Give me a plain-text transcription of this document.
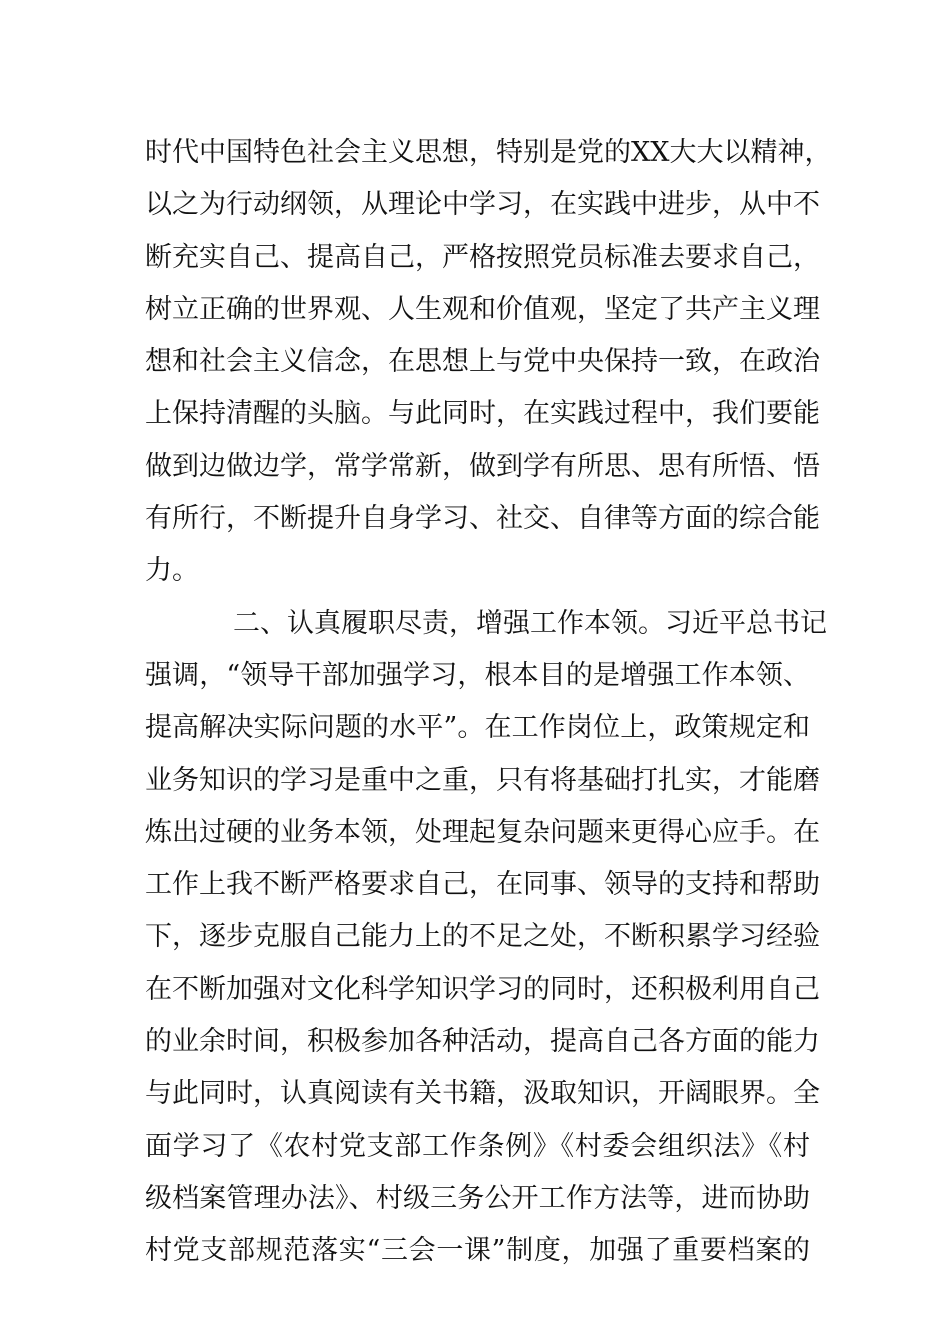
时代中国特色社会主义思想，特别是党的XX大大以精神，
以之为行动纲领，从理论中学习，在实践中进步，从中不
断充实自己、提高自己，严格按照党员标准去要求自己，
树立正确的世界观、人生观和价值观，坚定了共产主义理
想和社会主义信念，在思想上与党中央保持一致，在政治
上保持清醒的头脑。与此同时，在实践过程中，我们要能
做到边做边学，常学常新，做到学有所思、思有所悟、悟
有所行，不断提升自身学习、社交、自律等方面的综合能
力。
二、认真履职尽责，增强工作本领。习近平总书记
强调，“领导干部加强学习，根本目的是增强工作本领、
提高解决实际问题的水平”。在工作岗位上，政策规定和
业务知识的学习是重中之重，只有将基础打扎实，才能磨
炼出过硬的业务本领，处理起复杂问题来更得心应手。在
工作上我不断严格要求自己，在同事、领导的支持和帮助
下，逐步克服自己能力上的不足之处，不断积累学习经验
在不断加强对文化科学知识学习的同时，还积极利用自己
的业余时间，积极参加各种活动，提高自己各方面的能力
与此同时，认真阅读有关书籍，汲取知识，开阔眼界。全
面学习了《农村党支部工作条例》《村委会组织法》《村
级档案管理办法》、村级三务公开工作方法等，进而协助
村党支部规范落实“三会一课”制度，加强了重要档案的
